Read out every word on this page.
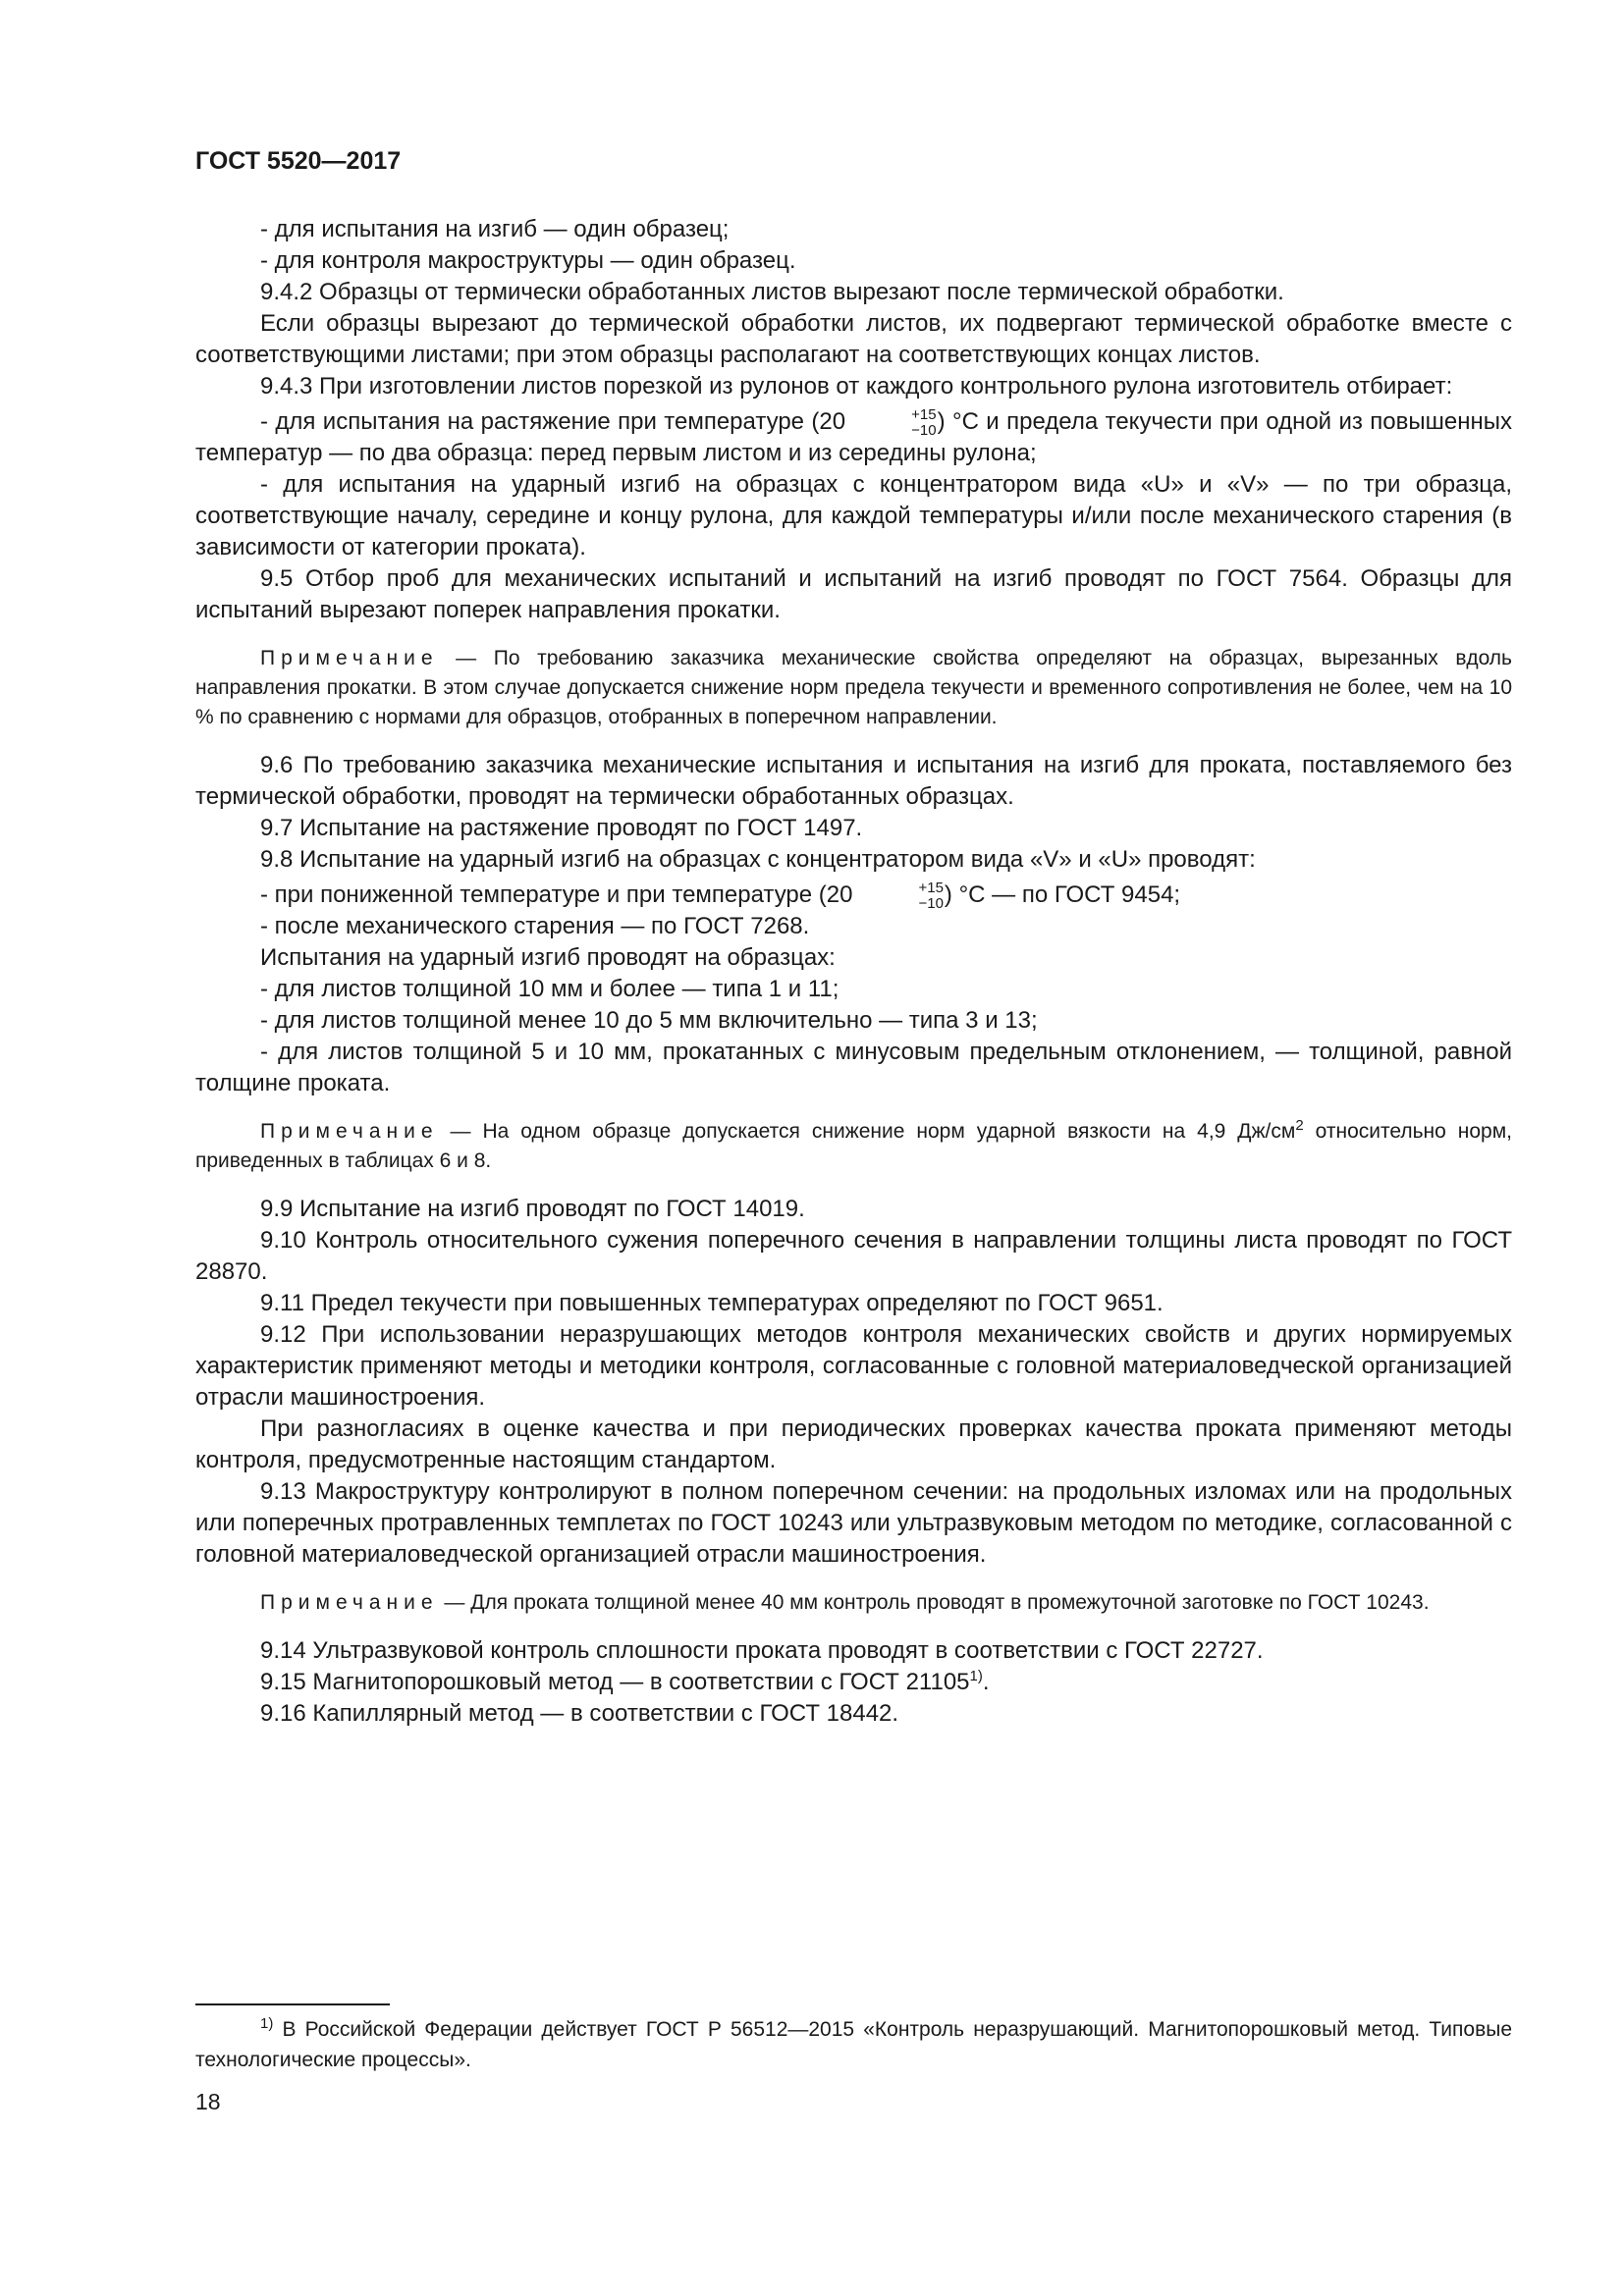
ГОСТ 5520—2017

- для испытания на изгиб — один образец;

- для контроля макроструктуры — один образец.

9.4.2 Образцы от термически обработанных листов вырезают после термической обработки.

Если образцы вырезают до термической обработки листов, их подвергают термической обработке вместе с соответствующими листами; при этом образцы располагают на соответствующих концах листов.

9.4.3 При изготовлении листов порезкой из рулонов от каждого контрольного рулона изготовитель отбирает:

- для испытания на растяжение при температуре (20	+15
−10 ) °C и предела текучести при одной из повышенных температур — по два образца: перед первым листом и из середины рулона;

- для испытания на ударный изгиб на образцах с концентратором вида «U» и «V» — по три образца, соответствующие началу, середине и концу рулона, для каждой температуры и/или после механического старения (в зависимости от категории проката).

9.5 Отбор проб для механических испытаний и испытаний на изгиб проводят по ГОСТ 7564. Образцы для испытаний вырезают поперек направления прокатки.

Примечание — По требованию заказчика механические свойства определяют на образцах, вырезанных вдоль направления прокатки. В этом случае допускается снижение норм предела текучести и временного сопротивления не более, чем на 10 % по сравнению с нормами для образцов, отобранных в поперечном направлении.

9.6 По требованию заказчика механические испытания и испытания на изгиб для проката, поставляемого без термической обработки, проводят на термически обработанных образцах.

9.7 Испытание на растяжение проводят по ГОСТ 1497.

9.8 Испытание на ударный изгиб на образцах с концентратором вида «V» и «U» проводят:

- при пониженной температуре и при температуре (20	+15
−10 ) °C — по ГОСТ 9454;

- после механического старения — по ГОСТ 7268.

Испытания на ударный изгиб проводят на образцах:

- для листов толщиной 10 мм и более — типа 1 и 11;

- для листов толщиной менее 10 до 5 мм включительно — типа 3 и 13;

- для листов толщиной 5 и 10 мм, прокатанных с минусовым предельным отклонением, — толщиной, равной толщине проката.

Примечание — На одном образце допускается снижение норм ударной вязкости на 4,9 $Дж/см^2$ относительно норм, приведенных в таблицах 6 и 8.

9.9 Испытание на изгиб проводят по ГОСТ 14019.

9.10 Контроль относительного сужения поперечного сечения в направлении толщины листа проводят по ГОСТ 28870.

9.11 Предел текучести при повышенных температурах определяют по ГОСТ 9651.

9.12 При использовании неразрушающих методов контроля механических свойств и других нормируемых характеристик применяют методы и методики контроля, согласованные с головной материаловедческой организацией отрасли машиностроения.

При разногласиях в оценке качества и при периодических проверках качества проката применяют методы контроля, предусмотренные настоящим стандартом.

9.13 Макроструктуру контролируют в полном поперечном сечении: на продольных изломах или на продольных или поперечных протравленных темплетах по ГОСТ 10243 или ультразвуковым методом по методике, согласованной с головной материаловедческой организацией отрасли машиностроения.

Примечание — Для проката толщиной менее 40 мм контроль проводят в промежуточной заготовке по ГОСТ 10243.

9.14 Ультразвуковой контроль сплошности проката проводят в соответствии с ГОСТ 22727.

9.15 Магнитопорошковый метод — в соответствии с ГОСТ 21105$^{1)}$.

9.16 Капиллярный метод — в соответствии с ГОСТ 18442.

$^{1)}$ В Российской Федерации действует ГОСТ Р 56512—2015 «Контроль неразрушающий. Магнитопорошковый метод. Типовые технологические процессы».

18
